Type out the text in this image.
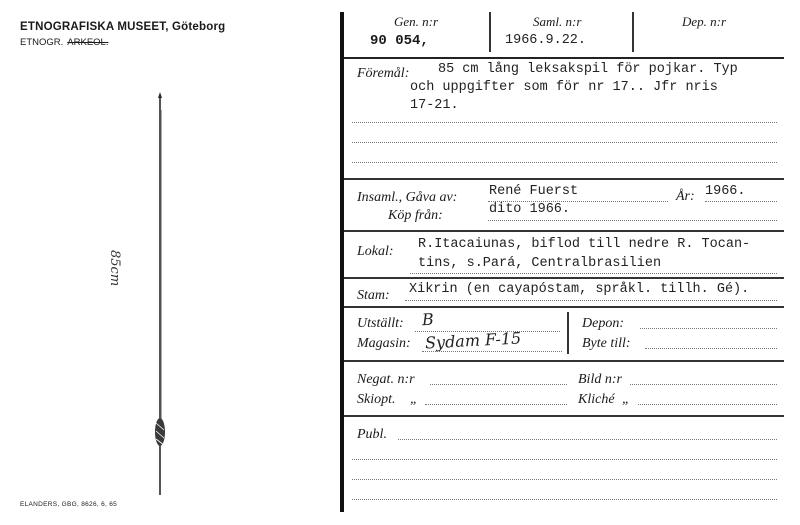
ETNOGRAFISKA MUSEET, Göteborg
ETNOGR. ARKEOL.
85cm
ELANDERS, GBG, 8626, 6, 65
Gen. n:r
90 054,
Saml. n:r
1966.9.22.
Dep. n:r
Föremål: 85 cm lång leksakspil för pojkar. Typ
och uppgifter som för nr 17.. Jfr nris
17-21.
Insaml., Gåva av: René Fuerst	År: 1966.
Köp från:	dito 1966.
Lokal: R.Itacaiunas, biflod till nedre R. Tocan-
tins, s.Pará, Centralbrasilien
Stam: Xikrin (en cayapóstam, språkl. tillh. Gé).
Utställt: B
Magasin: Sydam F-15
Depon:
Byte till:
Negat. n:r	Bild n:r
Skiopt. „	Kliché „
Publ.
